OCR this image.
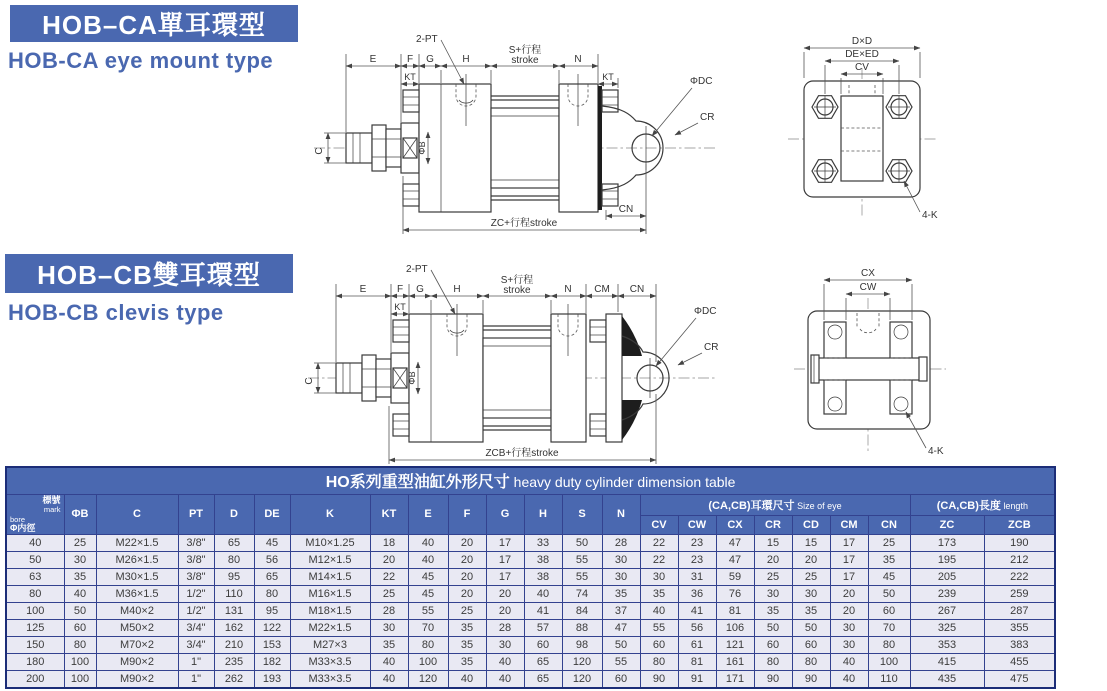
HOB–CA單耳環型
HOB-CA eye mount type	E	F G	H
S+行程
stroke	N
KT	KT
2-PT
ΦDC
CR
C	ΦB
CN
ZC+行程stroke
D×D
DE×ED
CV
4-K
HOB–CB雙耳環型
HOB-CB clevis type
E	F G	H
S+行程
stroke	N CM CN
KT
2-PT
ΦDC
CR
C	ΦB
ZCB+行程stroke
CX
CW
4-K
HO系列重型油缸外形尺寸 heavy duty cylinder dimension table																						

標號
mark
bore
Φ内徑	ΦB	C	PT	D	DE	K	KT	E	F	G	H	S	N	(CA,CB)耳環尺寸 Size of eye							(CA,CB)長度 length	
														CV	CW	CX	CR	CD	CM	CN	ZC	ZCB
40	25	M22×1.5	3/8"	65	45	M10×1.25	18	40	20	17	33	50	28	22	23	47	15	15	17	25	173	190
50	30	M26×1.5	3/8"	80	56	M12×1.5	20	40	20	17	38	55	30	22	23	47	20	20	17	35	195	212
63	35	M30×1.5	3/8"	95	65	M14×1.5	22	45	20	17	38	55	30	30	31	59	25	25	17	45	205	222
80	40	M36×1.5	1/2"	110	80	M16×1.5	25	45	20	20	40	74	35	35	36	76	30	30	20	50	239	259
100	50	M40×2	1/2"	131	95	M18×1.5	28	55	25	20	41	84	37	40	41	81	35	35	20	60	267	287
125	60	M50×2	3/4"	162	122	M22×1.5	30	70	35	28	57	88	47	55	56	106	50	50	30	70	325	355
150	80	M70×2	3/4"	210	153	M27×3	35	80	35	30	60	98	50	60	61	121	60	60	30	80	353	383
180	100	M90×2	1"	235	182	M33×3.5	40	100	35	40	65	120	55	80	81	161	80	80	40	100	415	455
200	100	M90×2	1"	262	193	M33×3.5	40	120	40	40	65	120	60	90	91	171	90	90	40	110	435	475
